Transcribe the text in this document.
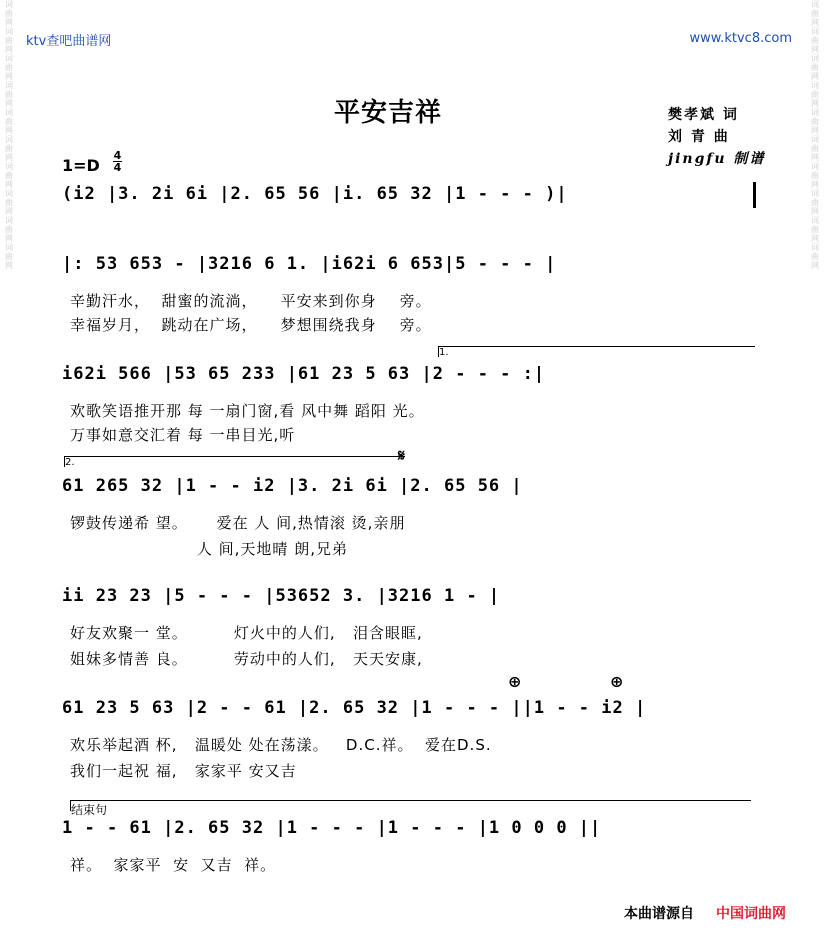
词曲网词曲网词曲网词曲网词曲网词曲网词曲网词曲网词曲网词曲网
词曲网词曲网词曲网词曲网词曲网词曲网词曲网词曲网词曲网词曲网
ktv查吧曲谱网	www.ktvc8.com
平安吉祥	樊孝斌 词
刘 青 曲
jingfu 制谱
1=D
4
4
(i2 |3. 2i 6i |2. 65 56 |i. 65 32 |1 - - - )|
|: 53 653 - |3216 6 1. |i62i 6 653|5 - - - |
辛勤汗水，  甜蜜的流淌，    平安来到你身    旁。
幸福岁月，  跳动在广场，    梦想围绕我身    旁。
1.
i62i 566 |53 65 233 |61 23 5 63 |2 - - - :|
欢歌笑语推开那 每 一扇门窗,看 风中舞 蹈阳 光。
万事如意交汇着 每 一串目光,听
2.	𝄋
61 265 32 |1 - - i2 |3. 2i 6i |2. 65 56 |
锣鼓传递希 望。     爱在 人 间,热情滚 烫,亲朋
人 间,天地晴 朗,兄弟
ii 23 23 |5 - - - |53652 3. |3216 1 - |
好友欢聚一 堂。        灯火中的人们,   泪含眼眶,
姐妹多情善 良。        劳动中的人们,   天天安康,
⊕	⊕
61 23 5 63 |2 - - 61 |2. 65 32 |1 - - - ||1 - - i2 |
欢乐举起酒 杯,   温暖处 处在荡漾。   D.C.祥。  爱在D.S.
我们一起祝 福,   家家平 安又吉
结束句
1 - - 61 |2. 65 32 |1 - - - |1 - - - |1 0 0 0 ||
祥。  家家平  安  又吉  祥。
本曲谱源自 中国词曲网
